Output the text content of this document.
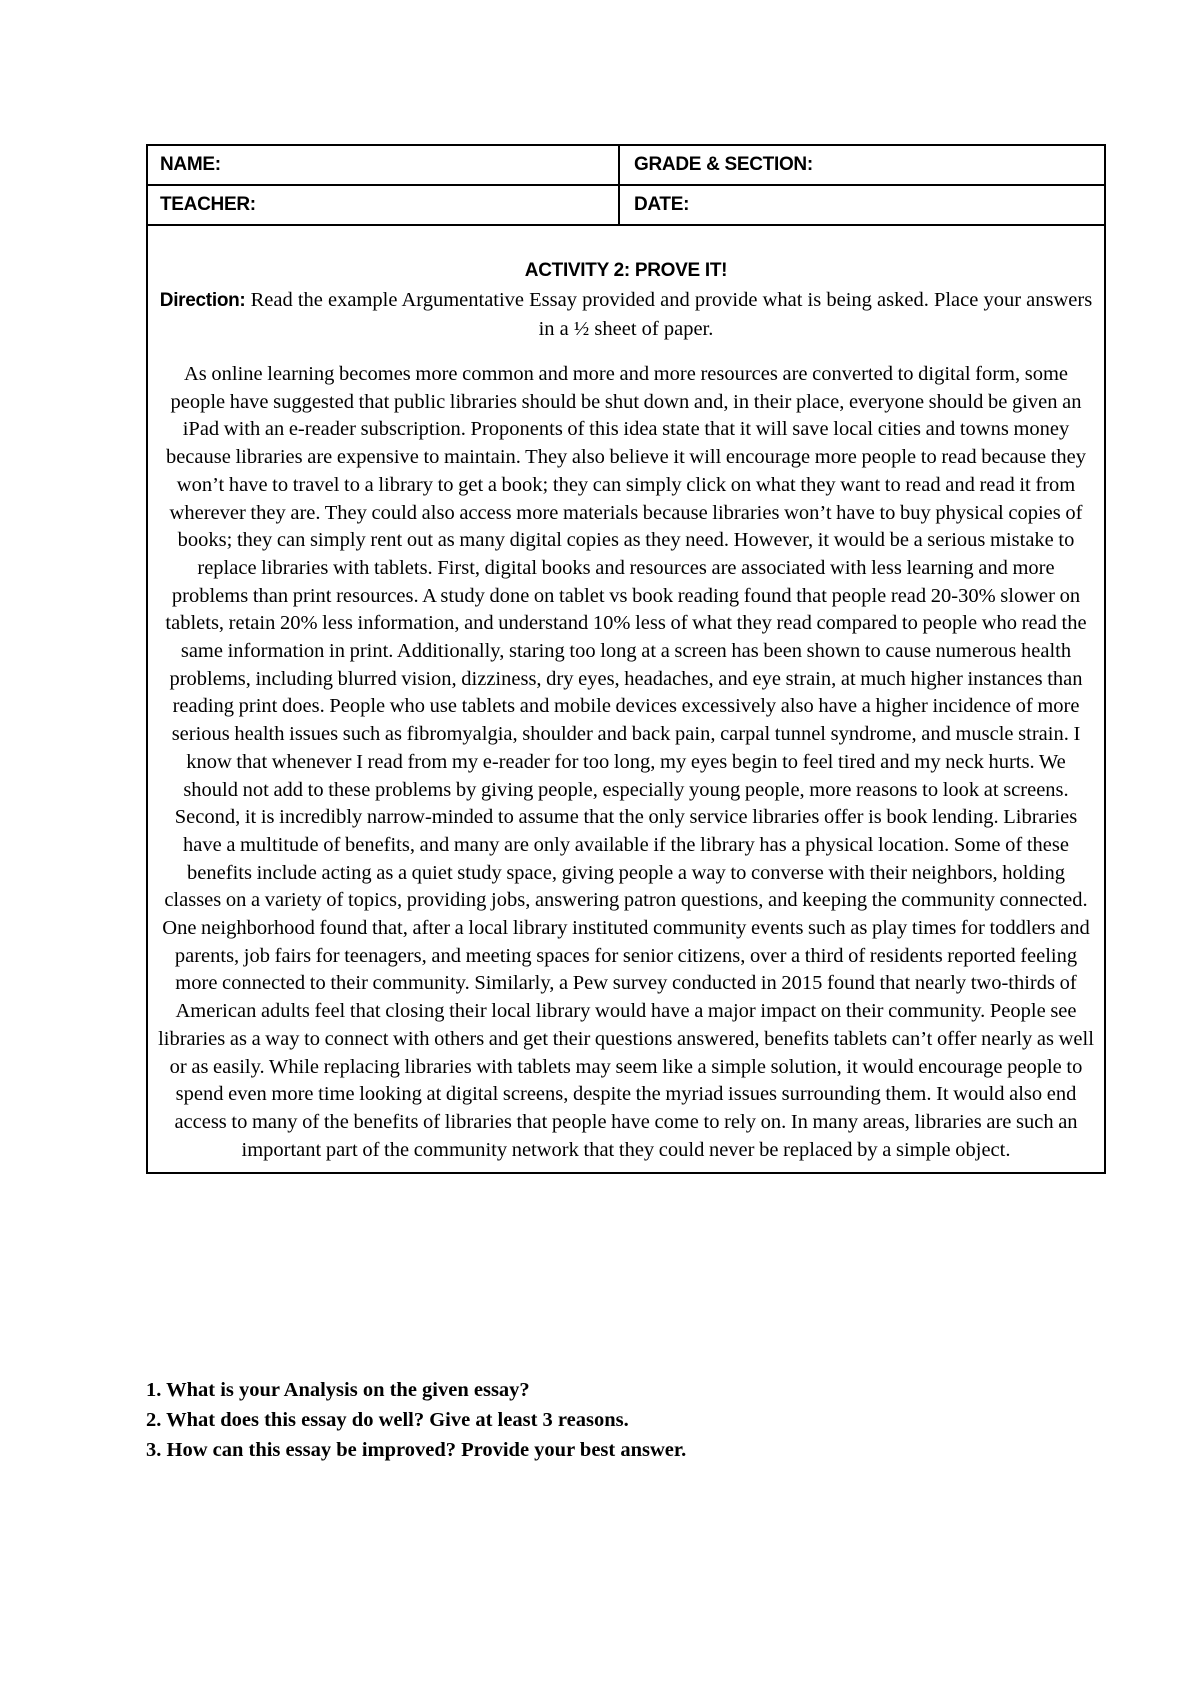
NAME:	GRADE & SECTION:
TEACHER:	DATE:
ACTIVITY 2: PROVE IT!
Direction: Read the example Argumentative Essay provided and provide what is being asked. Place your answers in a ½ sheet of paper.
As online learning becomes more common and more and more resources are converted to digital form, some people have suggested that public libraries should be shut down and, in their place, everyone should be given an iPad with an e-reader subscription. Proponents of this idea state that it will save local cities and towns money because libraries are expensive to maintain. They also believe it will encourage more people to read because they won’t have to travel to a library to get a book; they can simply click on what they want to read and read it from wherever they are. They could also access more materials because libraries won’t have to buy physical copies of books; they can simply rent out as many digital copies as they need. However, it would be a serious mistake to replace libraries with tablets. First, digital books and resources are associated with less learning and more problems than print resources. A study done on tablet vs book reading found that people read 20-30% slower on tablets, retain 20% less information, and understand 10% less of what they read compared to people who read the same information in print. Additionally, staring too long at a screen has been shown to cause numerous health problems, including blurred vision, dizziness, dry eyes, headaches, and eye strain, at much higher instances than reading print does. People who use tablets and mobile devices excessively also have a higher incidence of more serious health issues such as fibromyalgia, shoulder and back pain, carpal tunnel syndrome, and muscle strain. I know that whenever I read from my e-reader for too long, my eyes begin to feel tired and my neck hurts. We should not add to these problems by giving people, especially young people, more reasons to look at screens. Second, it is incredibly narrow-minded to assume that the only service libraries offer is book lending. Libraries have a multitude of benefits, and many are only available if the library has a physical location. Some of these benefits include acting as a quiet study space, giving people a way to converse with their neighbors, holding classes on a variety of topics, providing jobs, answering patron questions, and keeping the community connected. One neighborhood found that, after a local library instituted community events such as play times for toddlers and parents, job fairs for teenagers, and meeting spaces for senior citizens, over a third of residents reported feeling more connected to their community. Similarly, a Pew survey conducted in 2015 found that nearly two-thirds of American adults feel that closing their local library would have a major impact on their community. People see libraries as a way to connect with others and get their questions answered, benefits tablets can’t offer nearly as well or as easily. While replacing libraries with tablets may seem like a simple solution, it would encourage people to spend even more time looking at digital screens, despite the myriad issues surrounding them. It would also end access to many of the benefits of libraries that people have come to rely on. In many areas, libraries are such an important part of the community network that they could never be replaced by a simple object.
1. What is your Analysis on the given essay?
2. What does this essay do well? Give at least 3 reasons.
3. How can this essay be improved? Provide your best answer.
